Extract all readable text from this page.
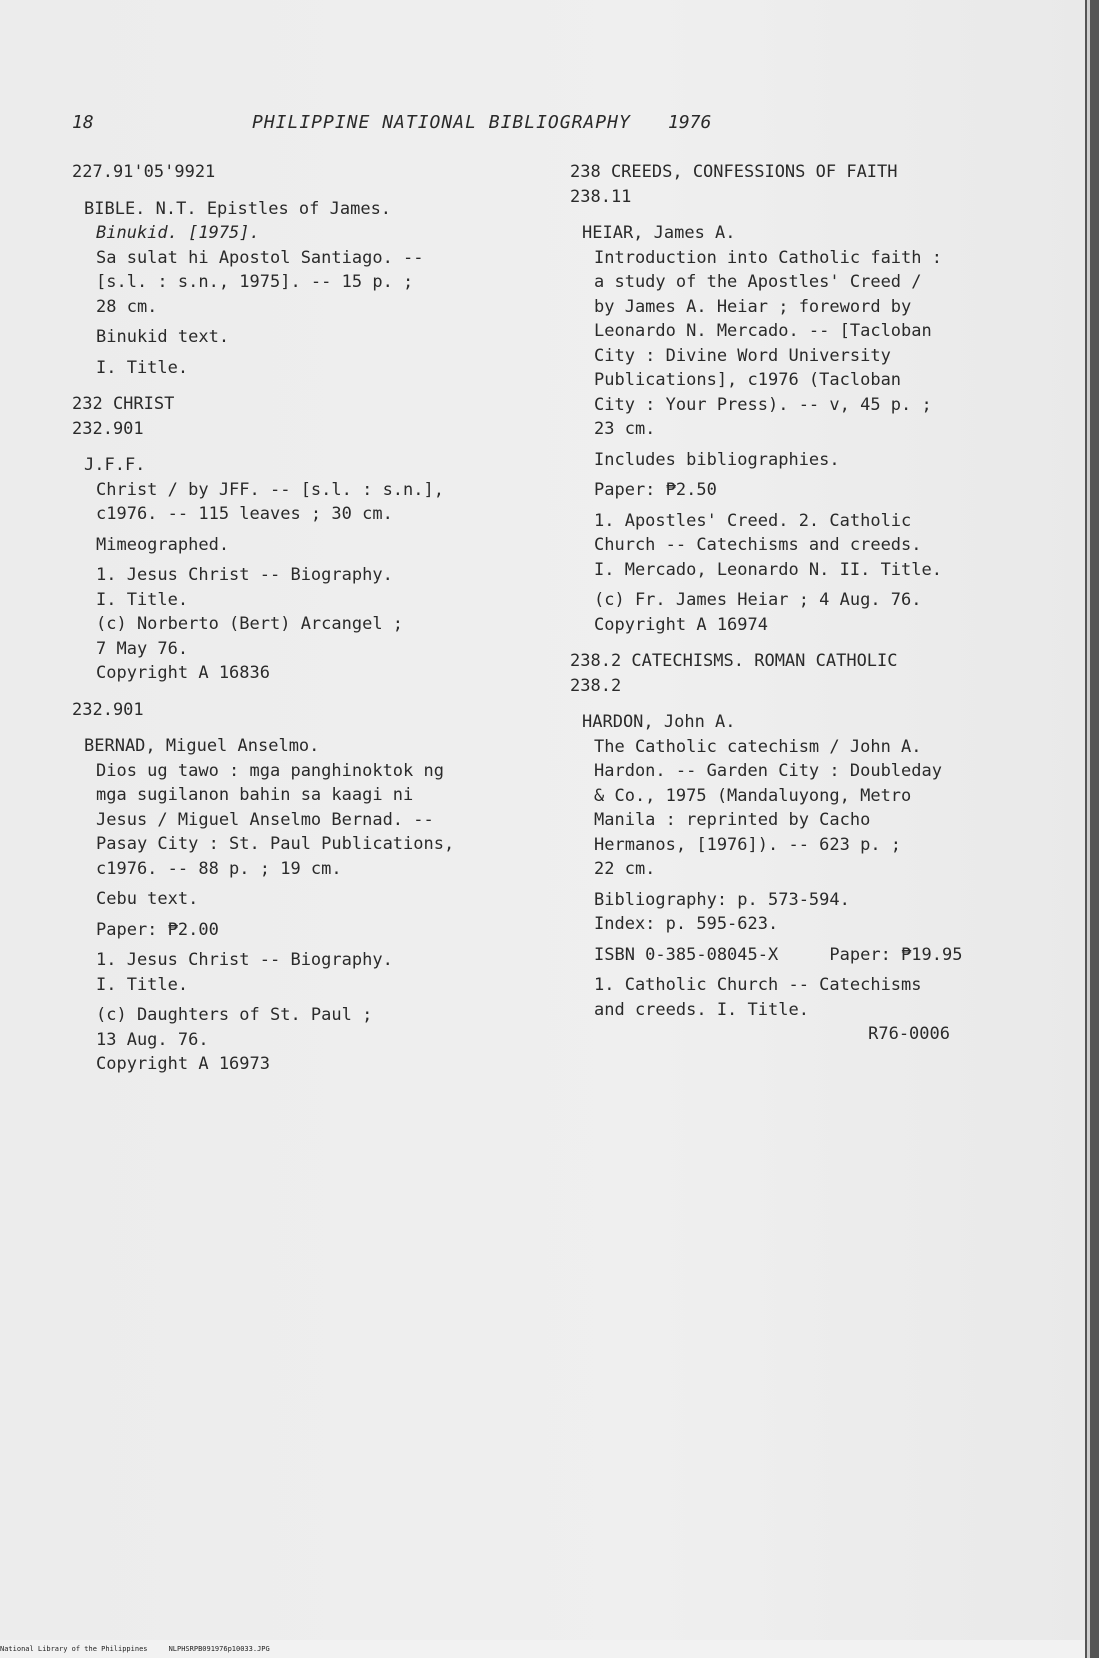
18	PHILIPPINE NATIONAL BIBLIOGRAPHY 1976
227.91'05'9921
BIBLE. N.T. Epistles of James.
Binukid. [1975].
Sa sulat hi Apostol Santiago. --
[s.l. : s.n., 1975]. -- 15 p. ;
28 cm.
Binukid text.
I. Title.
232 CHRIST
232.901
J.F.F.
Christ / by JFF. -- [s.l. : s.n.],
c1976. -- 115 leaves ; 30 cm.
Mimeographed.
1. Jesus Christ -- Biography.
I. Title.
(c) Norberto (Bert) Arcangel ;
7 May 76.
Copyright A 16836
232.901
BERNAD, Miguel Anselmo.
Dios ug tawo : mga panghinoktok ng
mga sugilanon bahin sa kaagi ni
Jesus / Miguel Anselmo Bernad. --
Pasay City : St. Paul Publications,
c1976. -- 88 p. ; 19 cm.
Cebu text.
Paper: ₱2.00
1. Jesus Christ -- Biography.
I. Title.
(c) Daughters of St. Paul ;
13 Aug. 76.
Copyright A 16973
238 CREEDS, CONFESSIONS OF FAITH
238.11
HEIAR, James A.
Introduction into Catholic faith :
a study of the Apostles' Creed /
by James A. Heiar ; foreword by
Leonardo N. Mercado. -- [Tacloban
City : Divine Word University
Publications], c1976 (Tacloban
City : Your Press). -- v, 45 p. ;
23 cm.
Includes bibliographies.
Paper: ₱2.50
1. Apostles' Creed. 2. Catholic
Church -- Catechisms and creeds.
I. Mercado, Leonardo N. II. Title.
(c) Fr. James Heiar ; 4 Aug. 76.
Copyright A 16974
238.2 CATECHISMS. ROMAN CATHOLIC
238.2
HARDON, John A.
The Catholic catechism / John A.
Hardon. -- Garden City : Doubleday
& Co., 1975 (Mandaluyong, Metro
Manila : reprinted by Cacho
Hermanos, [1976]). -- 623 p. ;
22 cm.
Bibliography: p. 573-594.
Index: p. 595-623.
ISBN 0-385-08045-X     Paper: ₱19.95
1. Catholic Church -- Catechisms
and creeds. I. Title.
R76-0006
National Library of the Philippines     NLPHSRPB091976p10033.JPG
